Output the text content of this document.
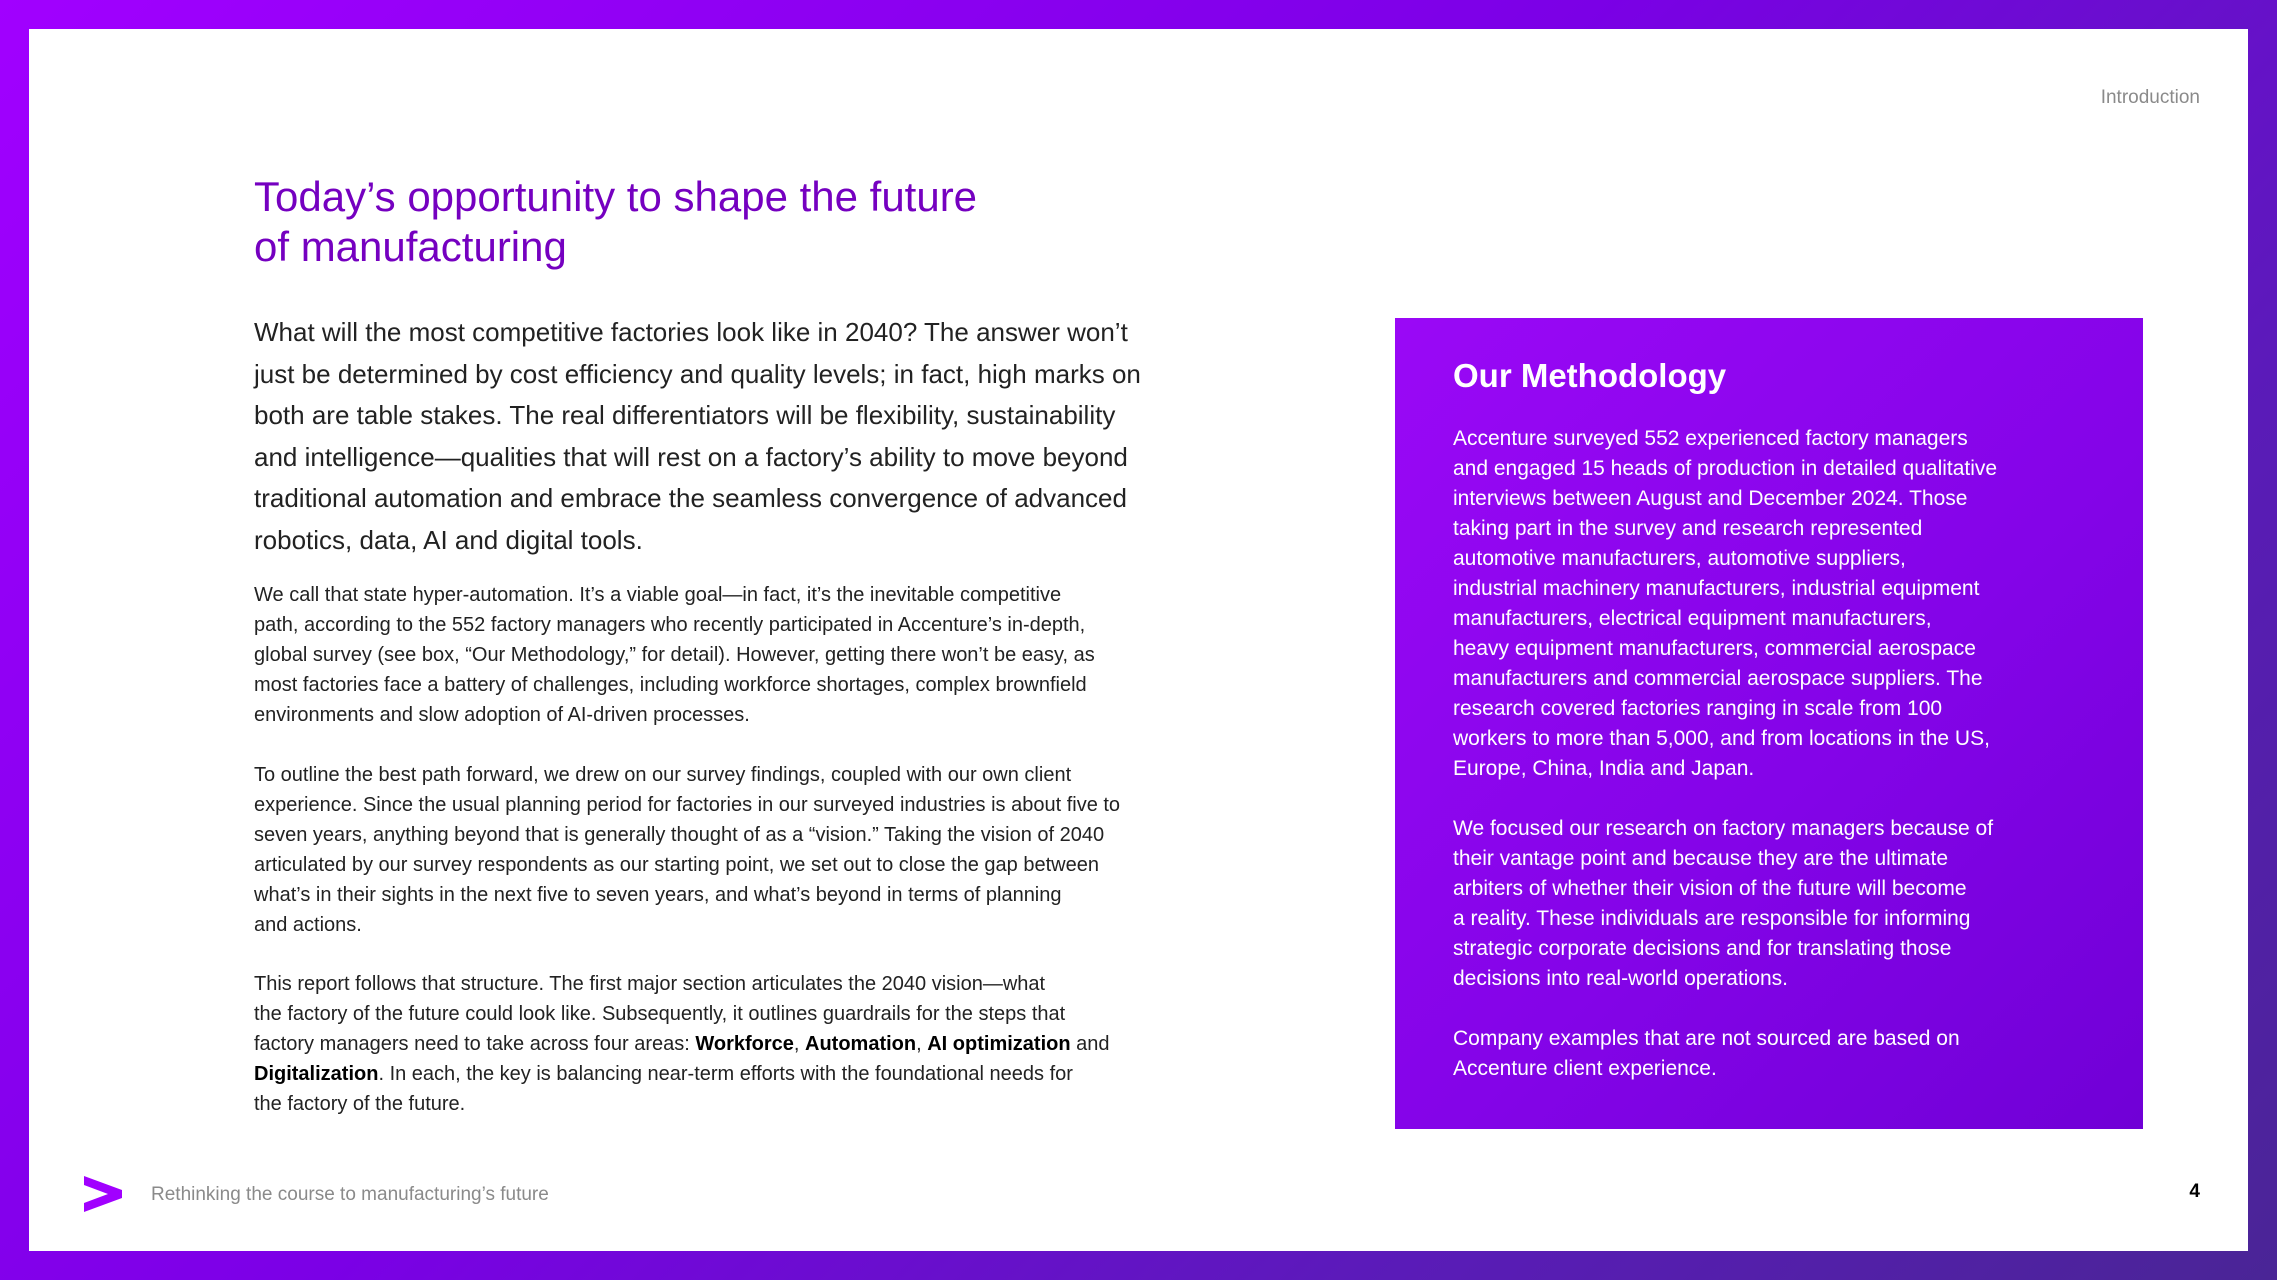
Introduction
Today’s opportunity to shape the future
of manufacturing

What will the most competitive factories look like in 2040? The answer won’t
just be determined by cost efficiency and quality levels; in fact, high marks on
both are table stakes. The real differentiators will be flexibility, sustainability
and intelligence—qualities that will rest on a factory’s ability to move beyond
traditional automation and embrace the seamless convergence of advanced
robotics, data, AI and digital tools.

We call that state hyper-automation. It’s a viable goal—in fact, it’s the inevitable competitive
path, according to the 552 factory managers who recently participated in Accenture’s in-depth,
global survey (see box, “Our Methodology,” for detail). However, getting there won’t be easy, as
most factories face a battery of challenges, including workforce shortages, complex brownfield
environments and slow adoption of AI-driven processes.

To outline the best path forward, we drew on our survey findings, coupled with our own client
experience. Since the usual planning period for factories in our surveyed industries is about five to
seven years, anything beyond that is generally thought of as a “vision.” Taking the vision of 2040
articulated by our survey respondents as our starting point, we set out to close the gap between
what’s in their sights in the next five to seven years, and what’s beyond in terms of planning
and actions.

This report follows that structure. The first major section articulates the 2040 vision—what
the factory of the future could look like. Subsequently, it outlines guardrails for the steps that
factory managers need to take across four areas: Workforce, Automation, AI optimization and
Digitalization. In each, the key is balancing near-term efforts with the foundational needs for
the factory of the future.

Our Methodology

Accenture surveyed 552 experienced factory managers
and engaged 15 heads of production in detailed qualitative
interviews between August and December 2024. Those
taking part in the survey and research represented
automotive manufacturers, automotive suppliers,
industrial machinery manufacturers, industrial equipment
manufacturers, electrical equipment manufacturers,
heavy equipment manufacturers, commercial aerospace
manufacturers and commercial aerospace suppliers. The
research covered factories ranging in scale from 100
workers to more than 5,000, and from locations in the US,
Europe, China, India and Japan.

We focused our research on factory managers because of
their vantage point and because they are the ultimate
arbiters of whether their vision of the future will become
a reality. These individuals are responsible for informing
strategic corporate decisions and for translating those
decisions into real-world operations.

Company examples that are not sourced are based on
Accenture client experience.

Rethinking the course to manufacturing’s future	4
